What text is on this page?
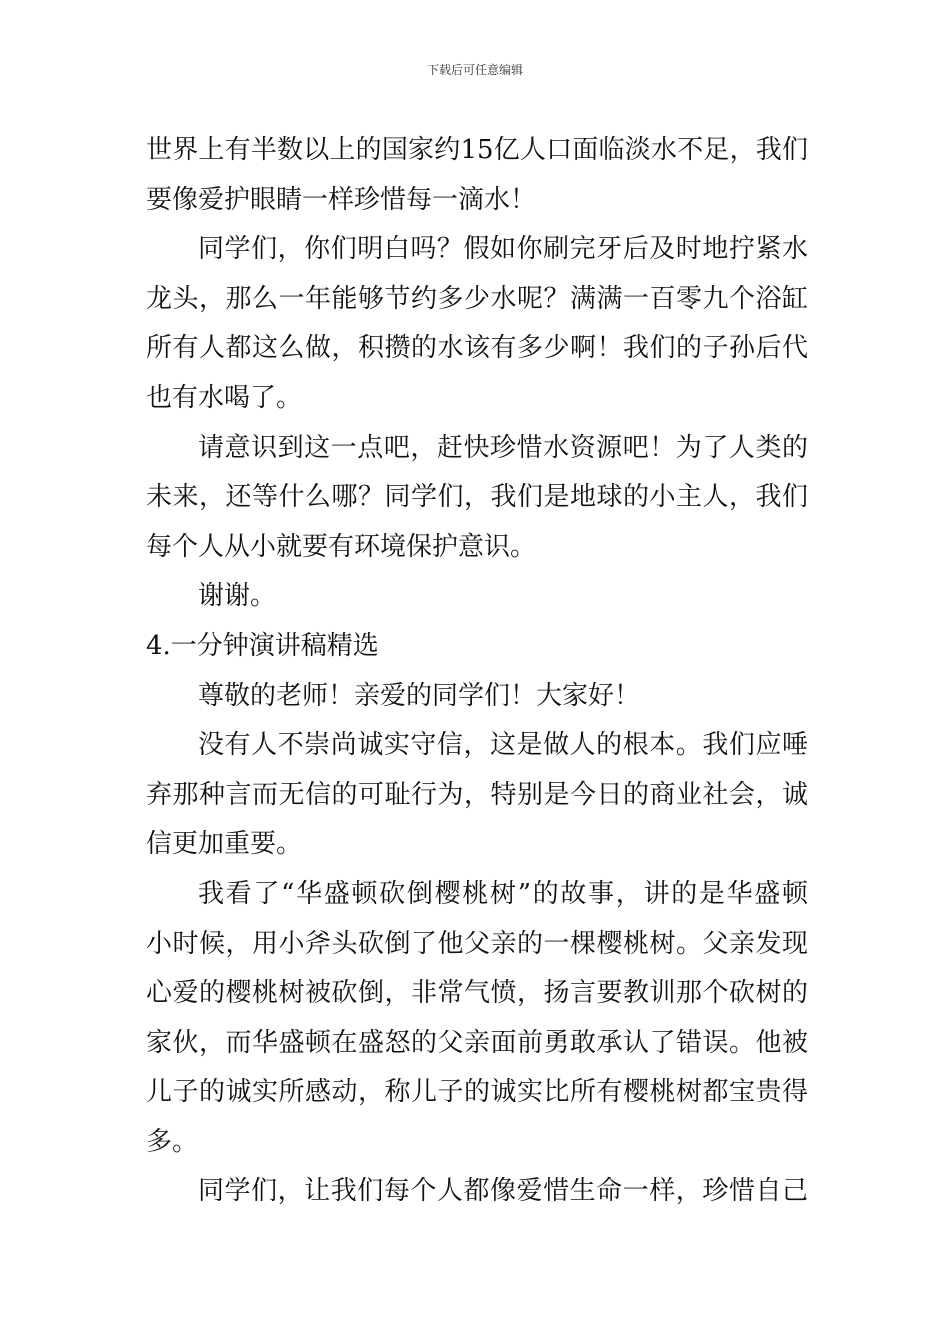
下载后可任意编辑
世界上有半数以上的国家约15亿人口面临淡水不足，我们
要像爱护眼睛一样珍惜每一滴水！
同学们，你们明白吗？假如你刷完牙后及时地拧紧水
龙头，那么一年能够节约多少水呢？满满一百零九个浴缸
所有人都这么做，积攒的水该有多少啊！我们的子孙后代
也有水喝了。
请意识到这一点吧，赶快珍惜水资源吧！为了人类的
未来，还等什么哪？同学们，我们是地球的小主人，我们
每个人从小就要有环境保护意识。
谢谢。
4.一分钟演讲稿精选
尊敬的老师！亲爱的同学们！大家好！
没有人不崇尚诚实守信，这是做人的根本。我们应唾
弃那种言而无信的可耻行为，特别是今日的商业社会，诚
信更加重要。
我看了“华盛顿砍倒樱桃树”的故事，讲的是华盛顿
小时候，用小斧头砍倒了他父亲的一棵樱桃树。父亲发现
心爱的樱桃树被砍倒，非常气愤，扬言要教训那个砍树的
家伙，而华盛顿在盛怒的父亲面前勇敢承认了错误。他被
儿子的诚实所感动，称儿子的诚实比所有樱桃树都宝贵得
多。
同学们，让我们每个人都像爱惜生命一样，珍惜自己
